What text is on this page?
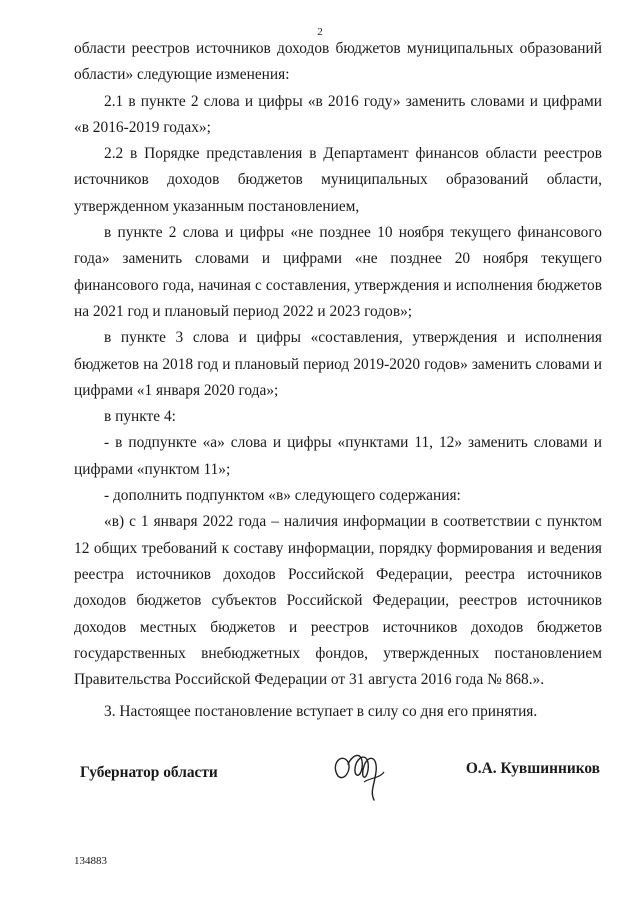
2

области реестров источников доходов бюджетов муниципальных образований области» следующие изменения:

2.1 в пункте 2 слова и цифры «в 2016 году» заменить словами и цифрами «в 2016-2019 годах»;

2.2 в Порядке представления в Департамент финансов области реестров источников доходов бюджетов муниципальных образований области, утвержденном указанным постановлением,

в пункте 2 слова и цифры «не позднее 10 ноября текущего финансового года» заменить словами и цифрами «не позднее 20 ноября текущего финансового года, начиная с составления, утверждения и исполнения бюджетов на 2021 год и плановый период 2022 и 2023 годов»;

в пункте 3 слова и цифры «составления, утверждения и исполнения бюджетов на 2018 год и плановый период 2019-2020 годов» заменить словами и цифрами «1 января 2020 года»;

в пункте 4:

- в подпункте «а» слова и цифры «пунктами 11, 12» заменить словами и цифрами «пунктом 11»;

- дополнить подпунктом «в» следующего содержания:

«в) с 1 января 2022 года – наличия информации в соответствии с пунктом 12 общих требований к составу информации, порядку формирования и ведения реестра источников доходов Российской Федерации, реестра источников доходов бюджетов субъектов Российской Федерации, реестров источников доходов местных бюджетов и реестров источников доходов бюджетов государственных внебюджетных фондов, утвержденных постановлением Правительства Российской Федерации от 31 августа 2016 года № 868.».

3. Настоящее постановление вступает в силу со дня его принятия.

Губернатор области	О.А. Кувшинников
134883
